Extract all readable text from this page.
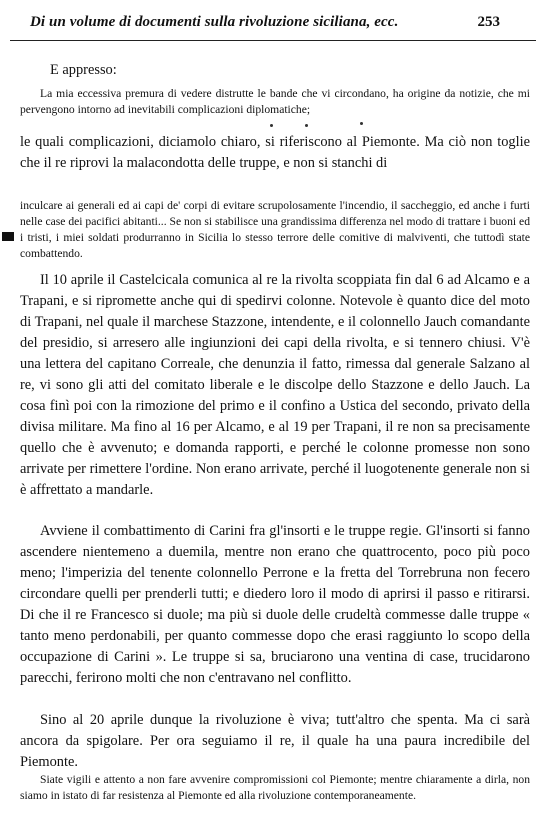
Di un volume di documenti sulla rivoluzione siciliana, ecc.	253

E appresso:

La mia eccessiva premura di vedere distrutte le bande che vi circondano, ha origine da notizie, che mi pervengono intorno ad inevitabili complicazioni diplomatiche;

le quali complicazioni, diciamolo chiaro, si riferiscono al Piemonte. Ma ciò non toglie che il re riprovi la malacondotta delle truppe, e non si stanchi di

inculcare ai generali ed ai capi de' corpi di evitare scrupolosamente l'incendio, il saccheggio, ed anche i furti nelle case dei pacifici abitanti... Se non si stabilisce una grandissima differenza nel modo di trattare i buoni ed i tristi, i miei soldati produrranno in Sicilia lo stesso terrore delle comitive di malviventi, che tuttodì state combattendo.

Il 10 aprile il Castelcicala comunica al re la rivolta scoppiata fin dal 6 ad Alcamo e a Trapani, e si ripromette anche qui di spedirvi colonne. Notevole è quanto dice del moto di Trapani, nel quale il marchese Stazzone, intendente, e il colonnello Jauch comandante del presidio, si arresero alle ingiunzioni dei capi della rivolta, e si tennero chiusi. V'è una lettera del capitano Correale, che denunzia il fatto, rimessa dal generale Salzano al re, vi sono gli atti del comitato liberale e le discolpe dello Stazzone e dello Jauch. La cosa finì poi con la rimozione del primo e il confino a Ustica del secondo, privato della divisa militare. Ma fino al 16 per Alcamo, e al 19 per Trapani, il re non sa precisamente quello che è avvenuto; e domanda rapporti, e perché le colonne promesse non sono arrivate per rimettere l'ordine. Non erano arrivate, perché il luogotenente generale non si è affrettato a mandarle.

Avviene il combattimento di Carini fra gl'insorti e le truppe regie. Gl'insorti si fanno ascendere nientemeno a duemila, mentre non erano che quattrocento, poco più poco meno; l'imperizia del tenente colonnello Perrone e la fretta del Torrebruna non fecero circondare quelli per prenderli tutti; e diedero loro il modo di aprirsi il passo e ritirarsi. Di che il re Francesco si duole; ma più si duole delle crudeltà commesse dalle truppe « tanto meno perdonabili, per quanto commesse dopo che erasi raggiunto lo scopo della occupazione di Carini ». Le truppe si sa, bruciarono una ventina di case, trucidarono parecchi, ferirono molti che non c'entravano nel conflitto.

Sino al 20 aprile dunque la rivoluzione è viva; tutt'altro che spenta. Ma ci sarà ancora da spigolare. Per ora seguiamo il re, il quale ha una paura incredibile del Piemonte.

Siate vigili e attento a non fare avvenire compromissioni col Piemonte; mentre chiaramente a dirla, non siamo in istato di far resistenza al Piemonte ed alla rivoluzione contemporaneamente.
